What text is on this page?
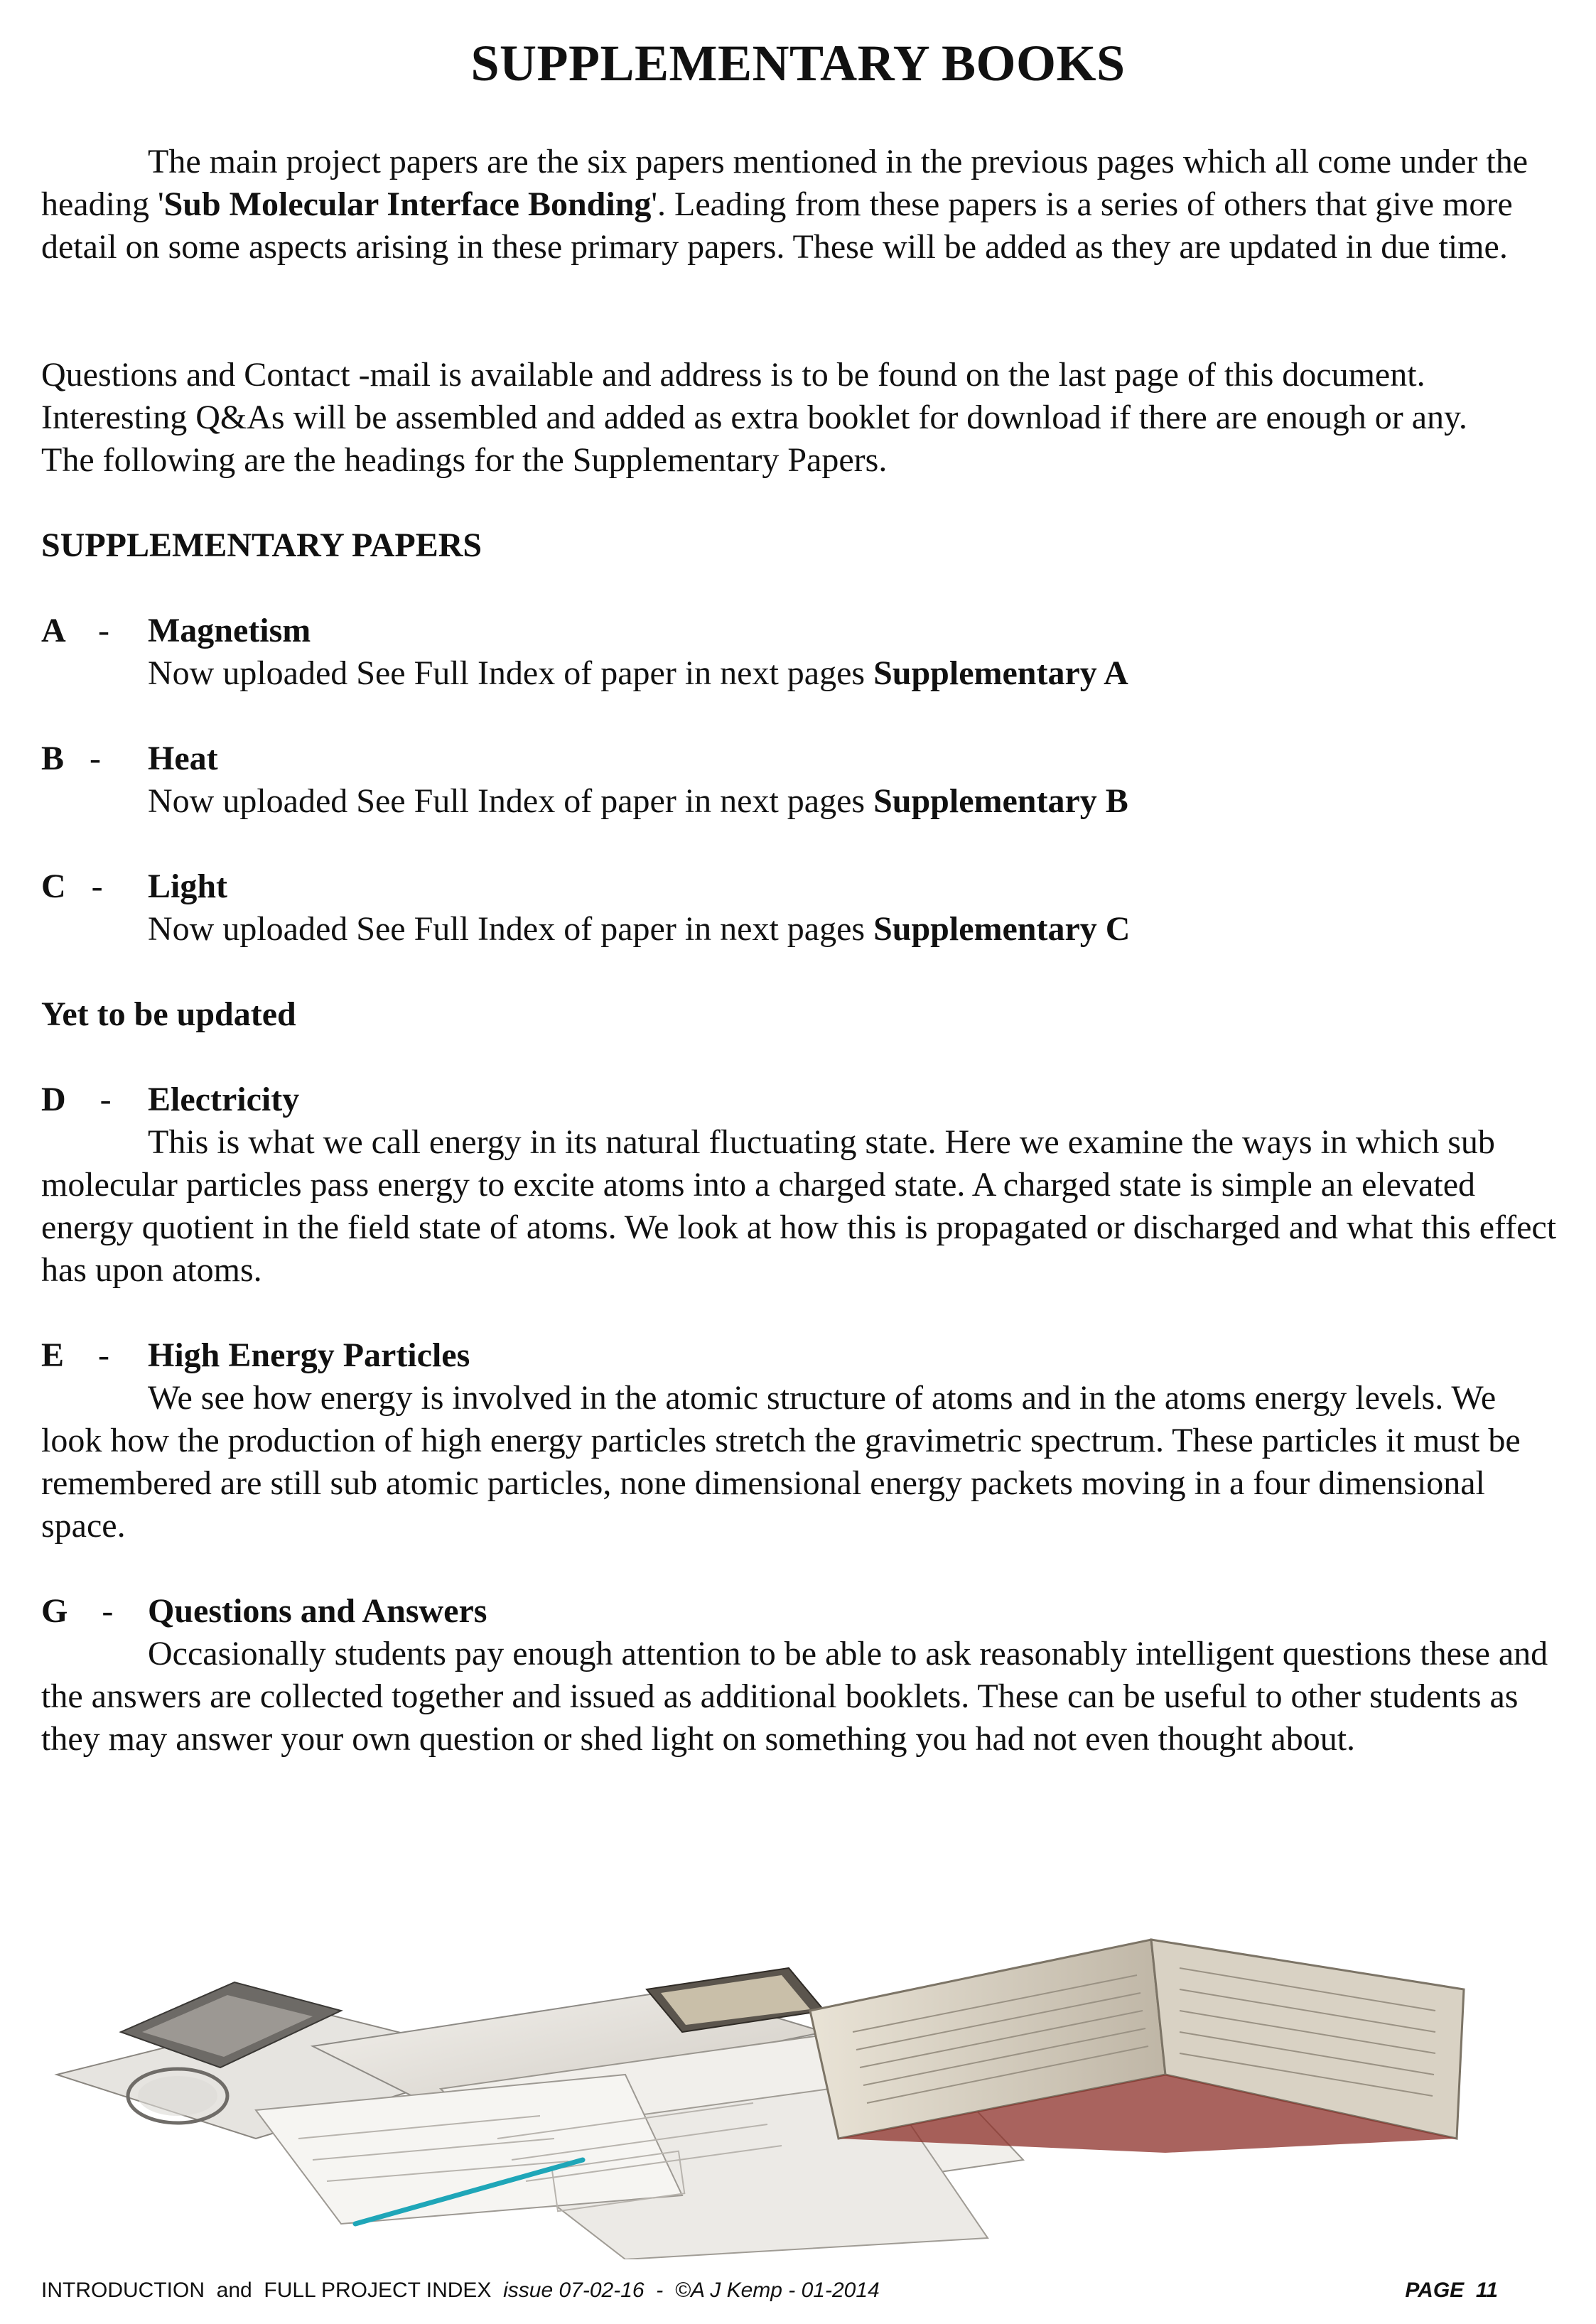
SUPPLEMENTARY BOOKS

The main project papers are the six papers mentioned in the previous pages which all come under the heading 'Sub Molecular Interface Bonding'. Leading from these papers is a series of others that give more detail on some aspects arising in these primary papers. These will be added as they are updated in due time.

Questions and Contact -mail is available and address is to be found on the last page of this document.

Interesting Q&As will be assembled and added as extra booklet for download if there are enough or any.

The following are the headings for the Supplementary Papers.

SUPPLEMENTARY PAPERS

A -	Magnetism

Now uploaded See Full Index of paper in next pages Supplementary A

B -	Heat

Now uploaded See Full Index of paper in next pages Supplementary B

C -	Light

Now uploaded See Full Index of paper in next pages Supplementary C

Yet to be updated

D -	Electricity

This is what we call energy in its natural fluctuating state. Here we examine the ways in which sub molecular particles pass energy to excite atoms into a charged state. A charged state is simple an elevated energy quotient in the field state of atoms. We look at how this is propagated or discharged and what this effect has upon atoms.

E -	High Energy Particles

We see how energy is involved in the atomic structure of atoms and in the atoms energy levels. We look how the production of high energy particles stretch the gravimetric spectrum. These particles it must be remembered are still sub atomic particles, none dimensional energy packets moving in a four dimensional space.

G -	Questions and Answers

Occasionally students pay enough attention to be able to ask reasonably intelligent questions these and the answers are collected together and issued as additional booklets. These can be useful to other students as they may answer your own question or shed light on something you had not even thought about.

INTRODUCTION  and  FULL PROJECT INDEX  issue 07-02-16  -  ©A J Kemp - 01-2014	PAGE  11
